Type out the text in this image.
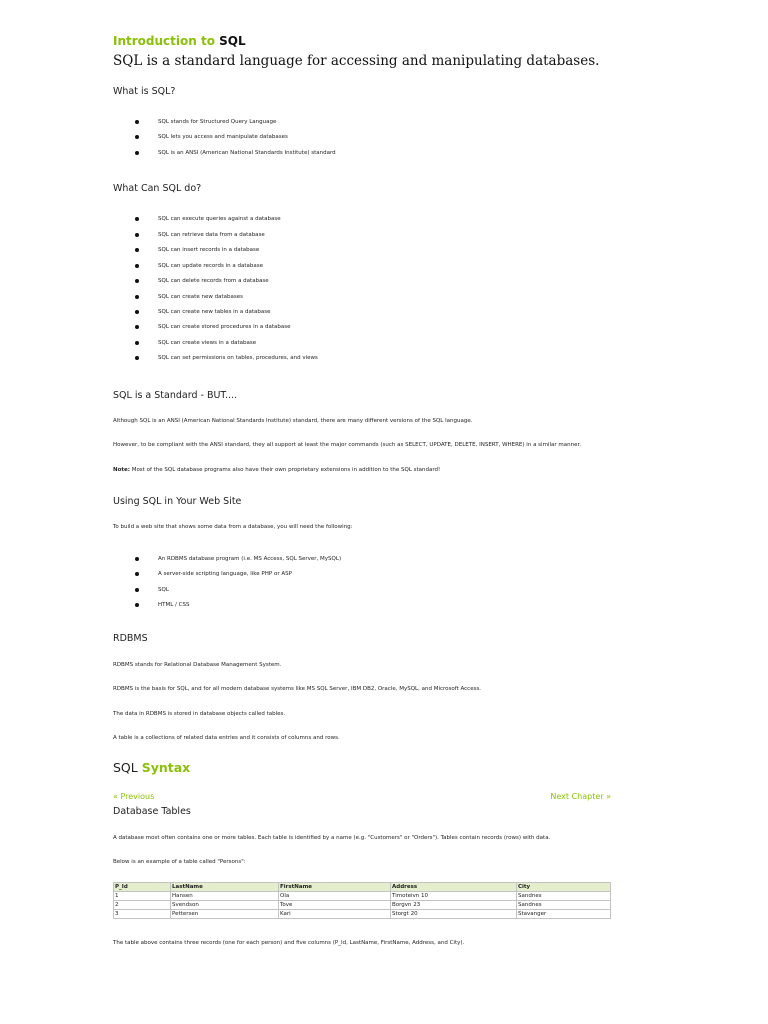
Introduction to SQL
SQL is a standard language for accessing and manipulating databases.
What is SQL?
SQL stands for Structured Query Language
SQL lets you access and manipulate databases
SQL is an ANSI (American National Standards Institute) standard
What Can SQL do?
SQL can execute queries against a database
SQL can retrieve data from a database
SQL can insert records in a database
SQL can update records in a database
SQL can delete records from a database
SQL can create new databases
SQL can create new tables in a database
SQL can create stored procedures in a database
SQL can create views in a database
SQL can set permissions on tables, procedures, and views
SQL is a Standard - BUT....
Although SQL is an ANSI (American National Standards Institute) standard, there are many different versions of the SQL language.
However, to be compliant with the ANSI standard, they all support at least the major commands (such as SELECT, UPDATE, DELETE, INSERT, WHERE) in a similar manner.
Note: Most of the SQL database programs also have their own proprietary extensions in addition to the SQL standard!
Using SQL in Your Web Site
To build a web site that shows some data from a database, you will need the following:
An RDBMS database program (i.e. MS Access, SQL Server, MySQL)
A server-side scripting language, like PHP or ASP
SQL
HTML / CSS
RDBMS
RDBMS stands for Relational Database Management System.
RDBMS is the basis for SQL, and for all modern database systems like MS SQL Server, IBM DB2, Oracle, MySQL, and Microsoft Access.
The data in RDBMS is stored in database objects called tables.
A table is a collections of related data entries and it consists of columns and rows.
SQL Syntax
« Previous	Next Chapter »
Database Tables
A database most often contains one or more tables. Each table is identified by a name (e.g. "Customers" or "Orders"). Tables contain records (rows) with data.
Below is an example of a table called "Persons":
P_Id	LastName	FirstName	Address	City
1	Hansen	Ola	Timoteivn 10	Sandnes
2	Svendson	Tove	Borgvn 23	Sandnes
3	Pettersen	Kari	Storgt 20	Stavanger
The table above contains three records (one for each person) and five columns (P_Id, LastName, FirstName, Address, and City).
